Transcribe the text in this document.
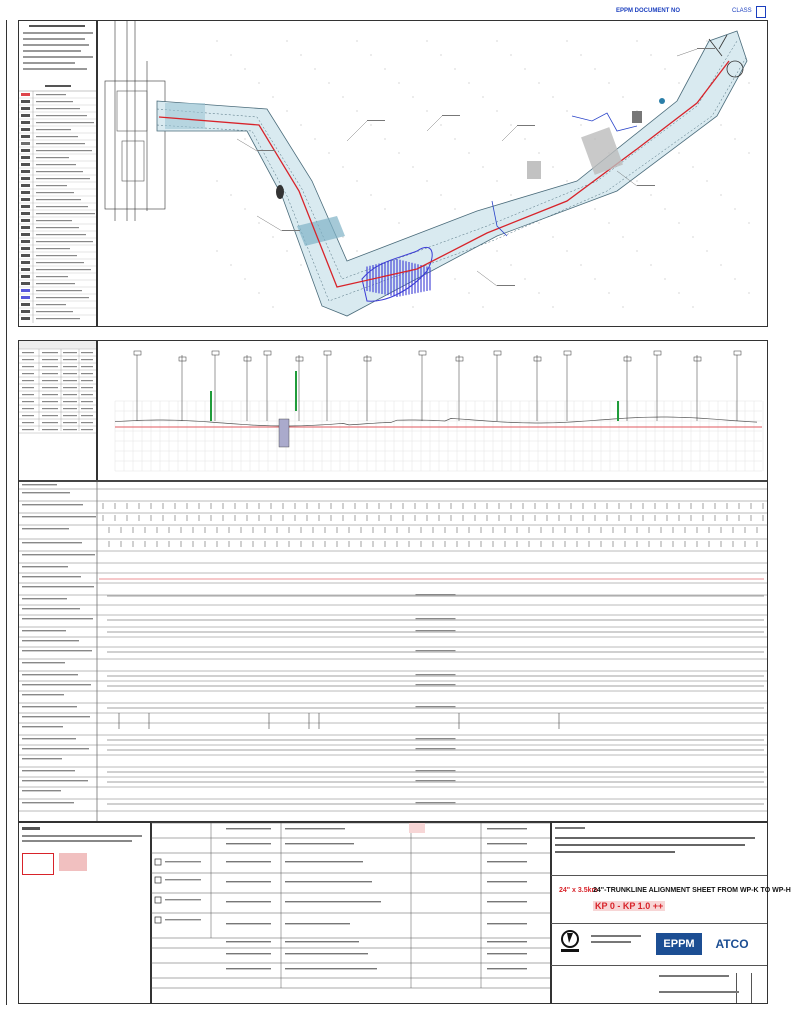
EPPM DOCUMENT NO	CLASS
24" x 3.5km
24"-TRUNKLINE ALIGNMENT SHEET FROM WP-K TO WP-H
KP 0 - KP 1.0 ++
EPPM	ATCO
